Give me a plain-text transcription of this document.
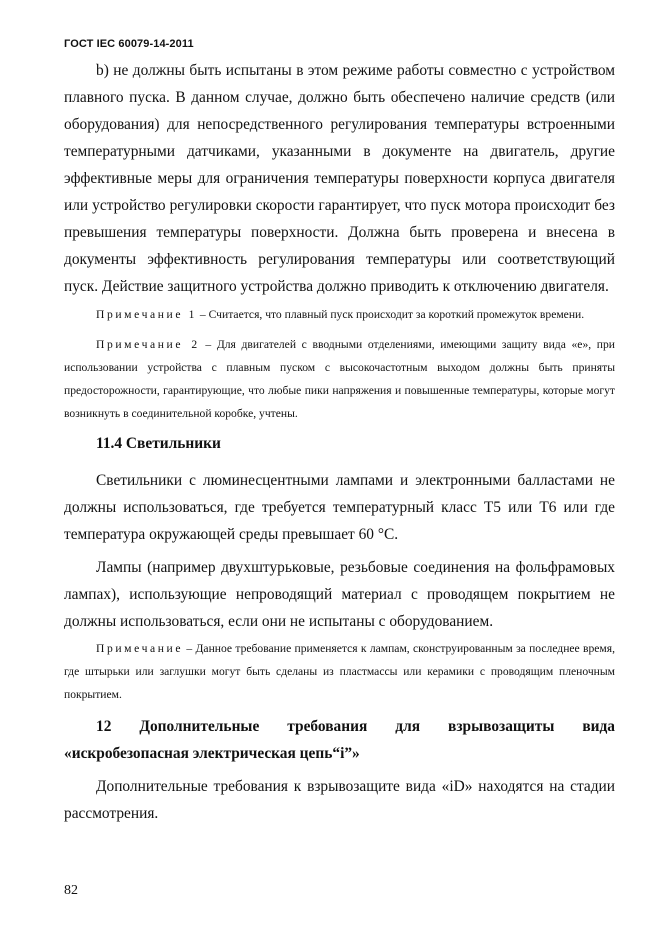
ГОСТ IEC 60079-14-2011

b) не должны быть испытаны в этом режиме работы совместно с устройством плавного пуска. В данном случае, должно быть обеспечено наличие средств (или оборудования) для непосредственного регулирования температуры встроенными температурными датчиками, указанными в документе на двигатель, другие эффективные меры для ограничения температуры поверхности корпуса двигателя или устройство регулировки скорости гарантирует, что пуск мотора происходит без превышения температуры поверхности. Должна быть проверена и внесена в документы эффективность регулирования температуры или соответствующий пуск. Действие защитного устройства должно приводить к отключению двигателя.

Примечание 1 – Считается, что плавный пуск происходит за короткий промежуток времени.

Примечание 2 – Для двигателей с вводными отделениями, имеющими защиту вида «е», при использовании устройства с плавным пуском с высокочастотным выходом должны быть приняты предосторожности, гарантирующие, что любые пики напряжения и повышенные температуры, которые могут возникнуть в соединительной коробке, учтены.

11.4 Светильники

Светильники с люминесцентными лампами и электронными балластами не должны использоваться, где требуется температурный класс Т5 или Т6 или где температура окружающей среды превышает 60 °С.

Лампы (например двухштурьковые, резьбовые соединения на фольфрамовых лампах), использующие непроводящий материал с проводящем покрытием не должны использоваться, если они не испытаны с оборудованием.

Примечание – Данное требование применяется к лампам, сконструированным за последнее время, где штырьки или заглушки могут быть сделаны из пластмассы или керамики с проводящим пленочным покрытием.

12 Дополнительные требования для взрывозащиты вида

«искробезопасная электрическая цепь“i”»

Дополнительные требования к взрывозащите вида «iD» находятся на стадии рассмотрения.

82
